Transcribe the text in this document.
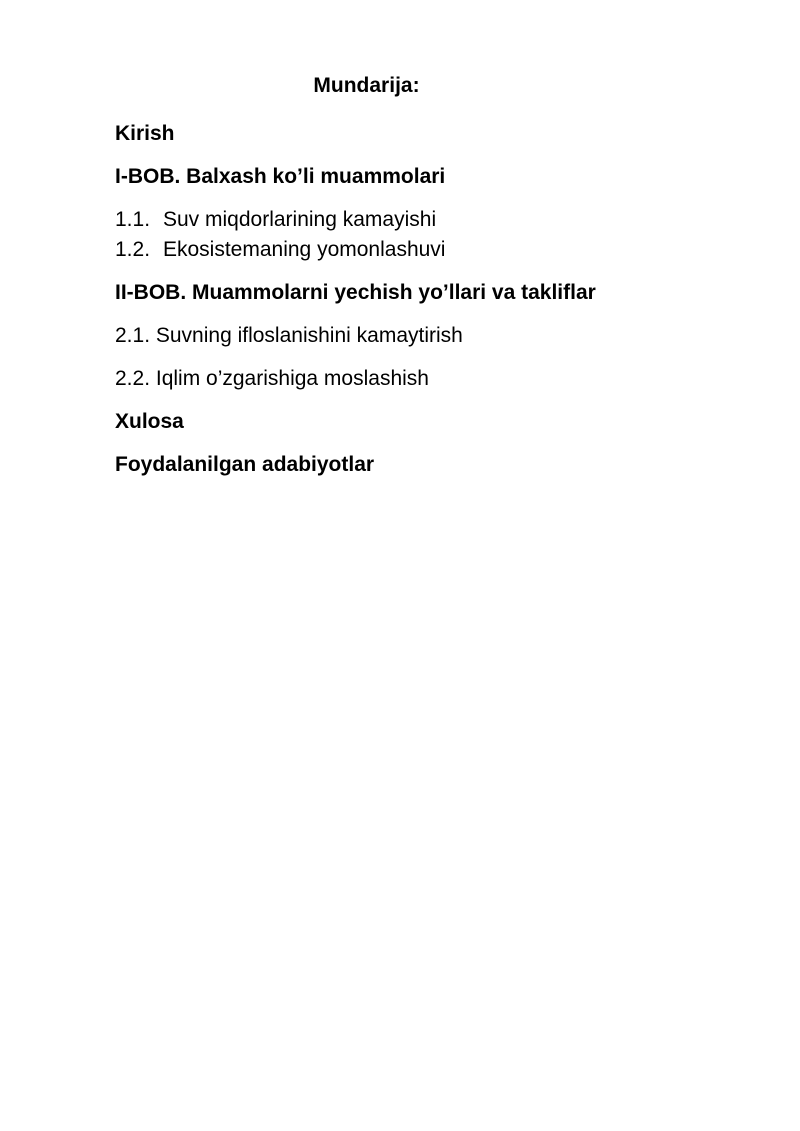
Mundarija:
Kirish
I-BOB. Balxash ko’li muammolari
1.1. Suv miqdorlarining kamayishi
1.2. Ekosistemaning yomonlashuvi
II-BOB. Muammolarni yechish yo’llari va takliflar
2.1. Suvning ifloslanishini kamaytirish
2.2. Iqlim o’zgarishiga moslashish
Xulosa
Foydalanilgan adabiyotlar
